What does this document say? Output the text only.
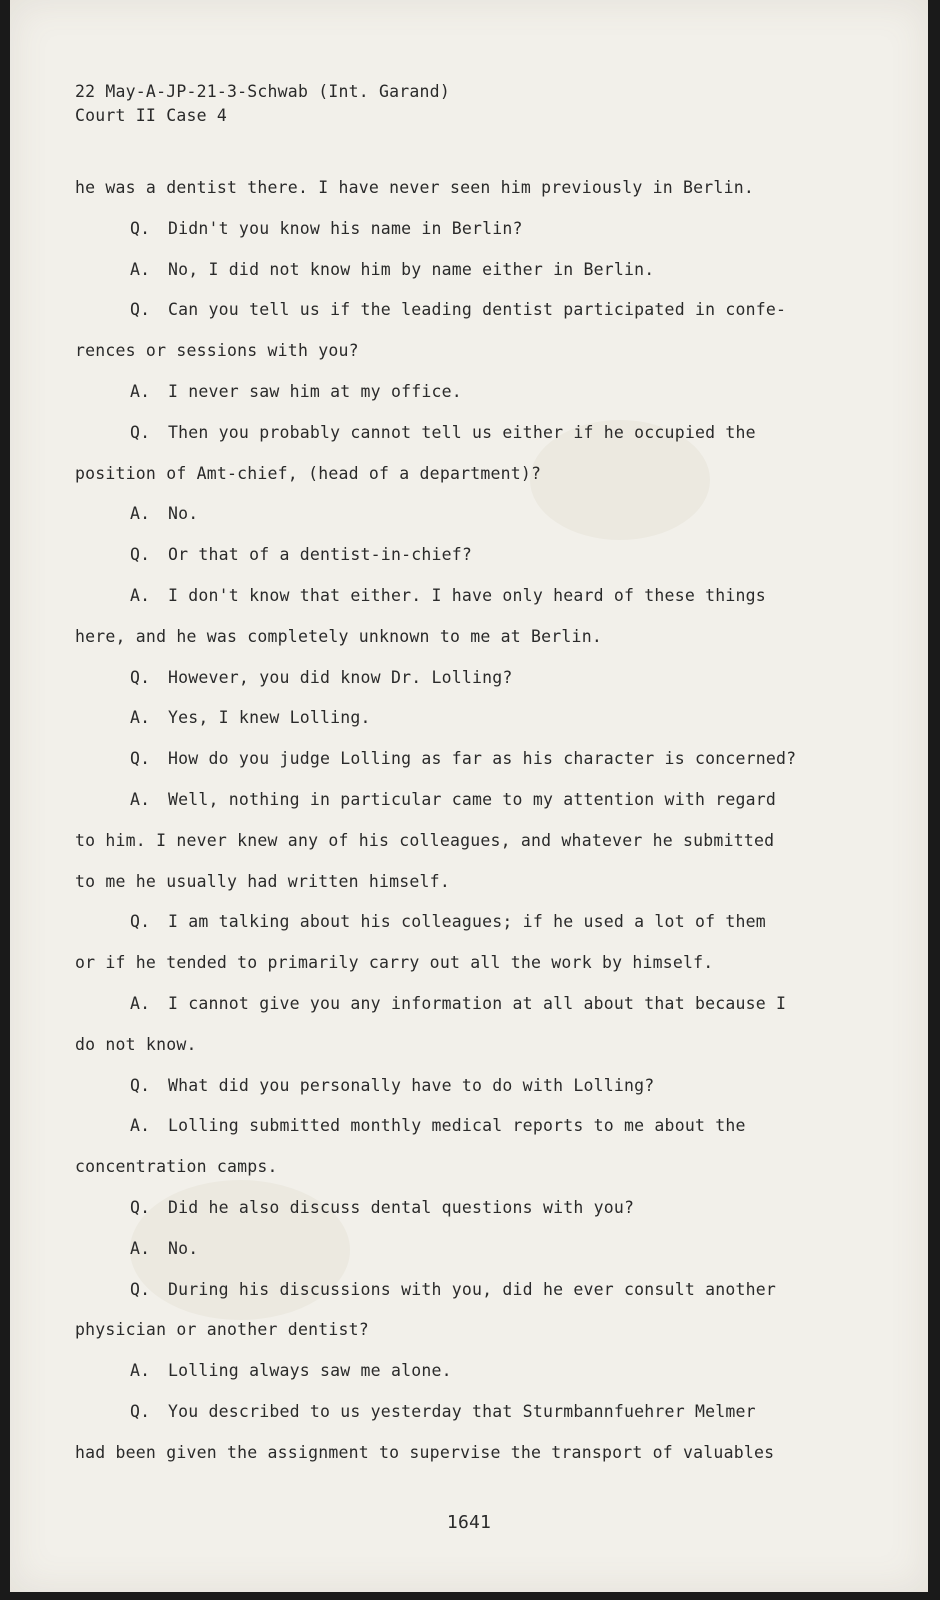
22 May-A-JP-21-3-Schwab (Int. Garand)
Court II Case 4
he was a dentist there. I have never seen him previously in Berlin.
Q. Didn't you know his name in Berlin?
A. No, I did not know him by name either in Berlin.
Q. Can you tell us if the leading dentist participated in confe-
rences or sessions with you?
A. I never saw him at my office.
Q. Then you probably cannot tell us either if he occupied the
position of Amt-chief, (head of a department)?
A. No.
Q. Or that of a dentist-in-chief?
A. I don't know that either. I have only heard of these things
here, and he was completely unknown to me at Berlin.
Q. However, you did know Dr. Lolling?
A. Yes, I knew Lolling.
Q. How do you judge Lolling as far as his character is concerned?
A. Well, nothing in particular came to my attention with regard
to him. I never knew any of his colleagues, and whatever he submitted
to me he usually had written himself.
Q. I am talking about his colleagues; if he used a lot of them
or if he tended to primarily carry out all the work by himself.
A. I cannot give you any information at all about that because I
do not know.
Q. What did you personally have to do with Lolling?
A. Lolling submitted monthly medical reports to me about the
concentration camps.
Q. Did he also discuss dental questions with you?
A. No.
Q. During his discussions with you, did he ever consult another
physician or another dentist?
A. Lolling always saw me alone.
Q. You described to us yesterday that Sturmbannfuehrer Melmer
had been given the assignment to supervise the transport of valuables
1641
